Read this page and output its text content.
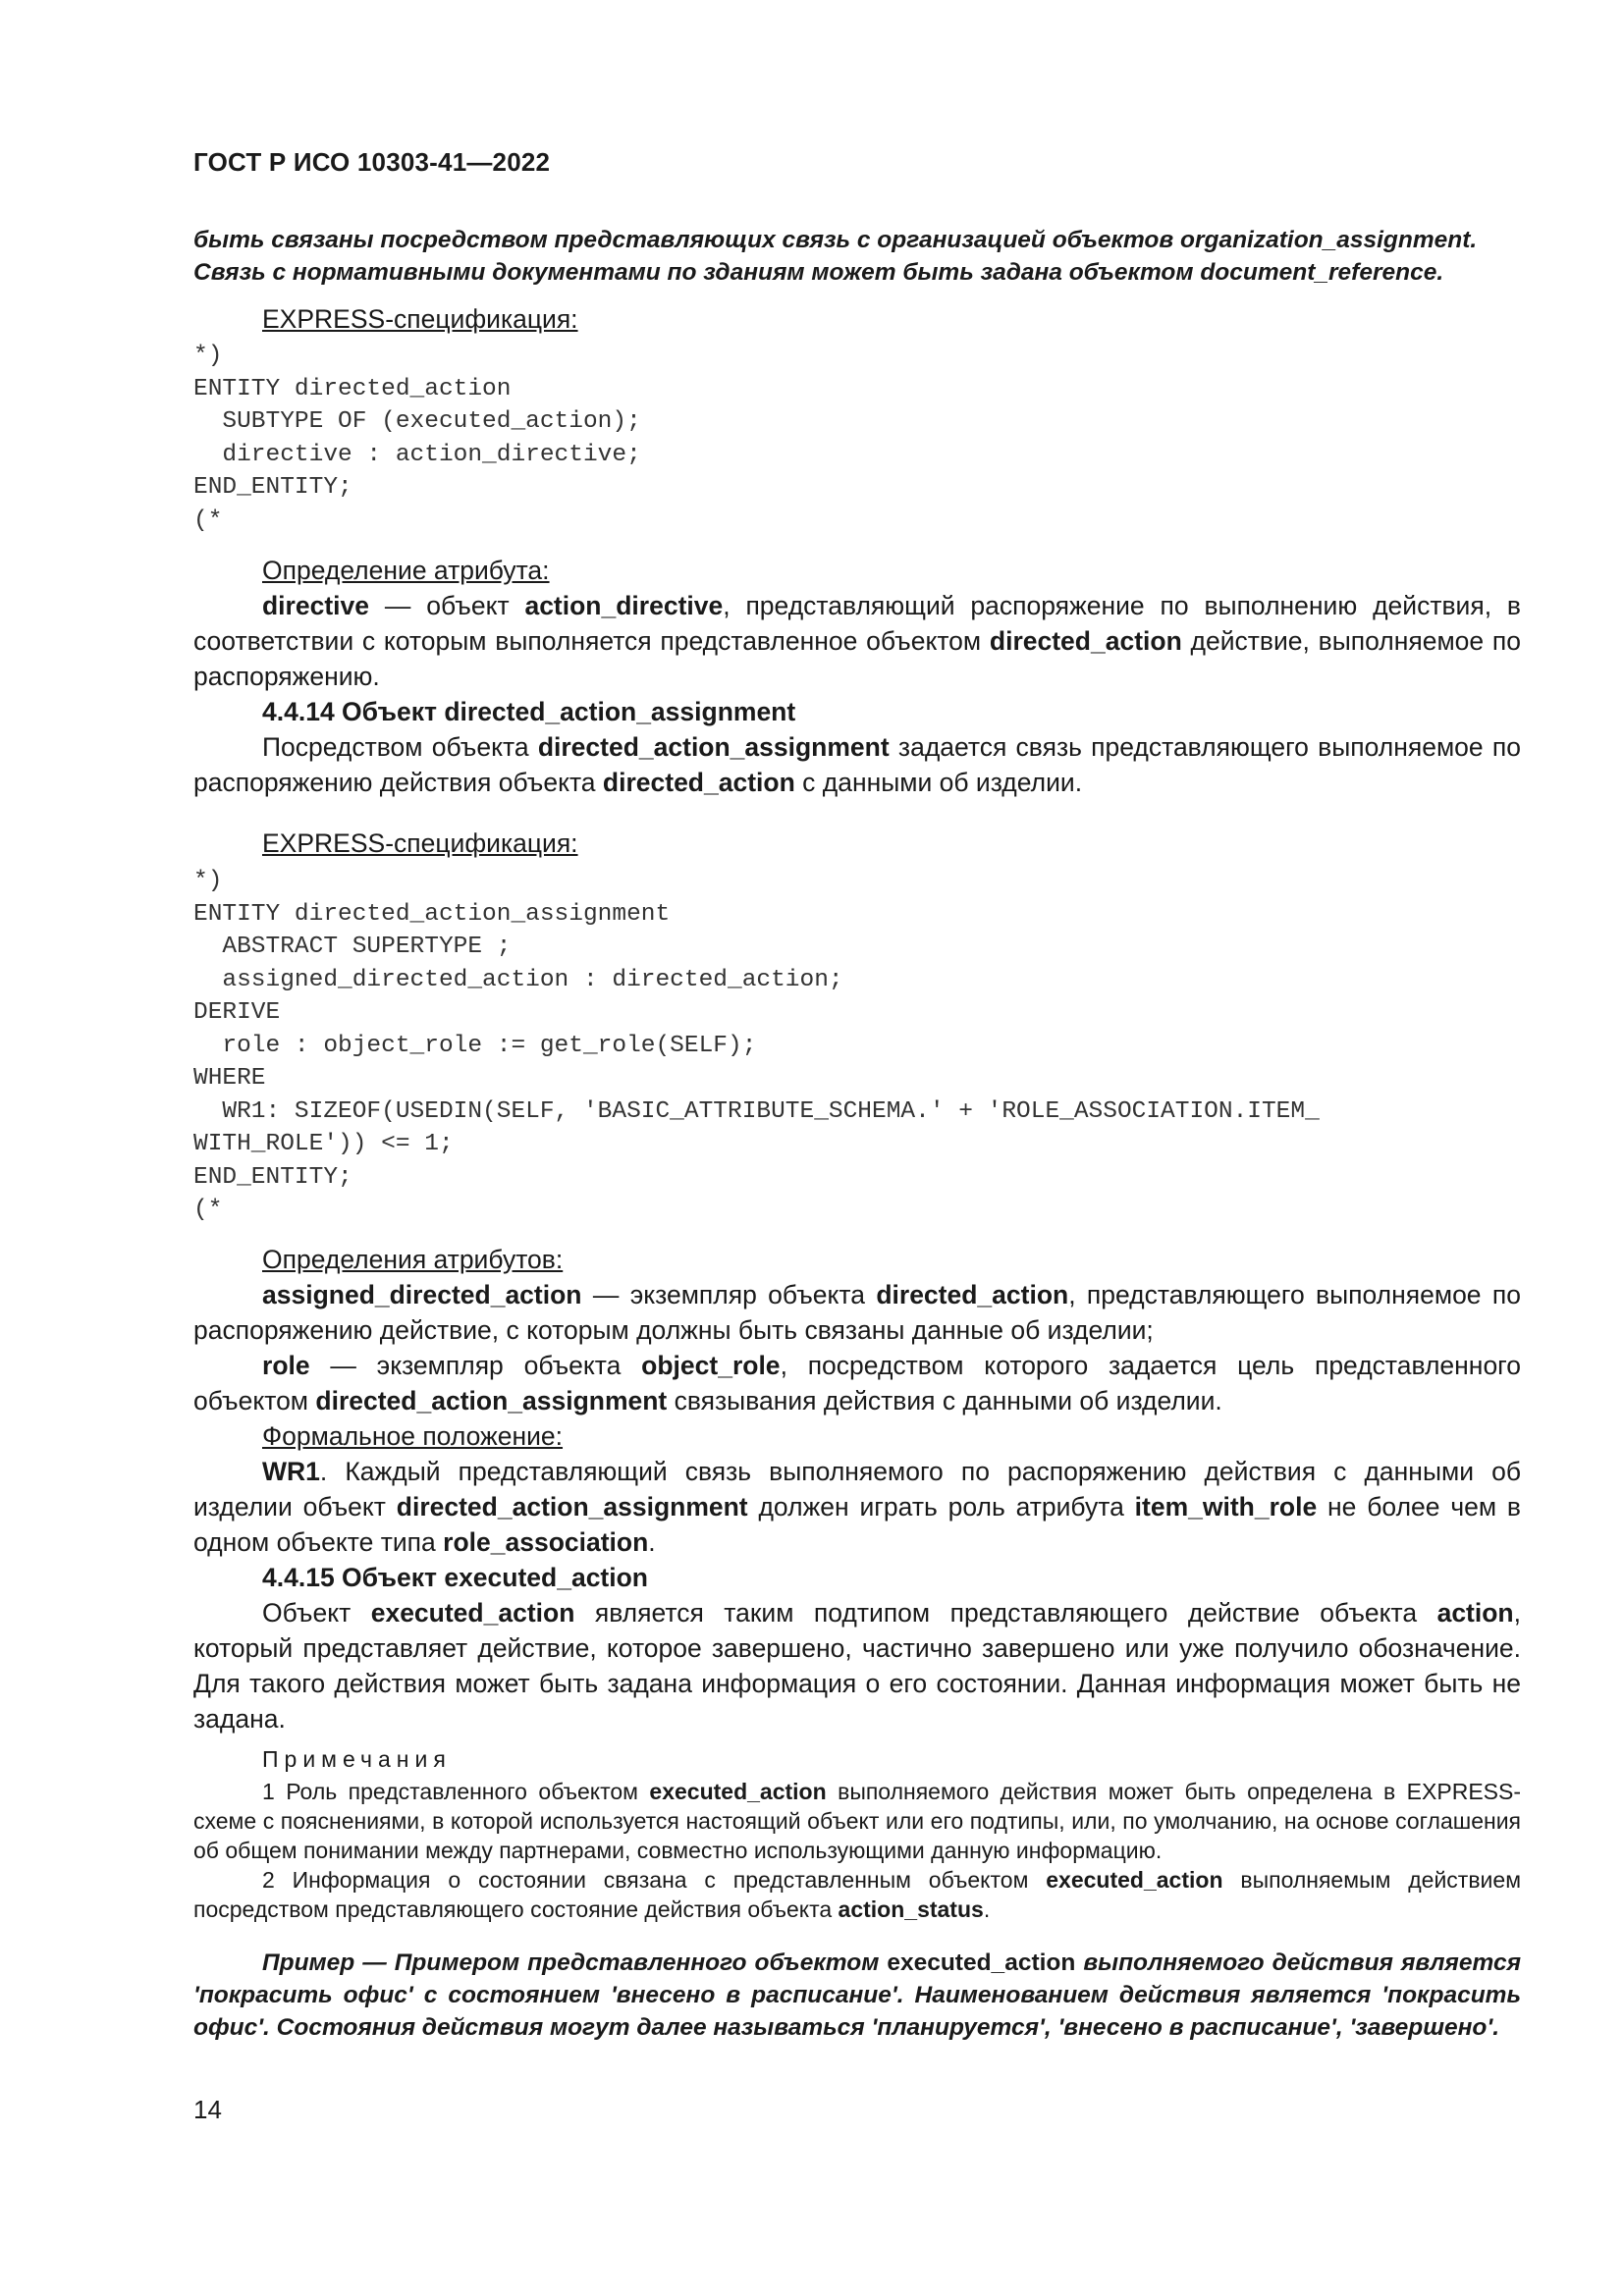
ГОСТ Р ИСО 10303-41—2022
быть связаны посредством представляющих связь с организацией объектов organization_assignment.
Связь с нормативными документами по зданиям может быть задана объектом document_reference.
EXPRESS-спецификация:
*)
ENTITY directed_action
SUBTYPE OF (executed_action);
directive : action_directive;
END_ENTITY;
(*
Определение атрибута:
directive — объект action_directive, представляющий распоряжение по выполнению действия, в соответствии с которым выполняется представленное объектом directed_action действие, выполняемое по распоряжению.
4.4.14 Объект directed_action_assignment
Посредством объекта directed_action_assignment задается связь представляющего выполняемое по распоряжению действия объекта directed_action с данными об изделии.
EXPRESS-спецификация:
*)
ENTITY directed_action_assignment
ABSTRACT SUPERTYPE ;
assigned_directed_action : directed_action;
DERIVE
role : object_role := get_role(SELF);
WHERE
WR1: SIZEOF(USEDIN(SELF, 'BASIC_ATTRIBUTE_SCHEMA.' + 'ROLE_ASSOCIATION.ITEM_
WITH_ROLE')) <= 1;
END_ENTITY;
(*
Определения атрибутов:
assigned_directed_action — экземпляр объекта directed_action, представляющего выполняемое по распоряжению действие, с которым должны быть связаны данные об изделии;
role — экземпляр объекта object_role, посредством которого задается цель представленного объектом directed_action_assignment связывания действия с данными об изделии.
Формальное положение:
WR1. Каждый представляющий связь выполняемого по распоряжению действия с данными об изделии объект directed_action_assignment должен играть роль атрибута item_with_role не более чем в одном объекте типа role_association.
4.4.15 Объект executed_action
Объект executed_action является таким подтипом представляющего действие объекта action, который представляет действие, которое завершено, частично завершено или уже получило обозначение. Для такого действия может быть задана информация о его состоянии. Данная информация может быть не задана.
Примечания
1 Роль представленного объектом executed_action выполняемого действия может быть определена в EXPRESS-схеме с пояснениями, в которой используется настоящий объект или его подтипы, или, по умолчанию, на основе соглашения об общем понимании между партнерами, совместно использующими данную информацию.
2 Информация о состоянии связана с представленным объектом executed_action выполняемым действием посредством представляющего состояние действия объекта action_status.
Пример — Примером представленного объектом executed_action выполняемого действия является 'покрасить офис' с состоянием 'внесено в расписание'. Наименованием действия является 'покрасить офис'. Состояния действия могут далее называться 'планируется', 'внесено в расписание', 'завершено'.
14
